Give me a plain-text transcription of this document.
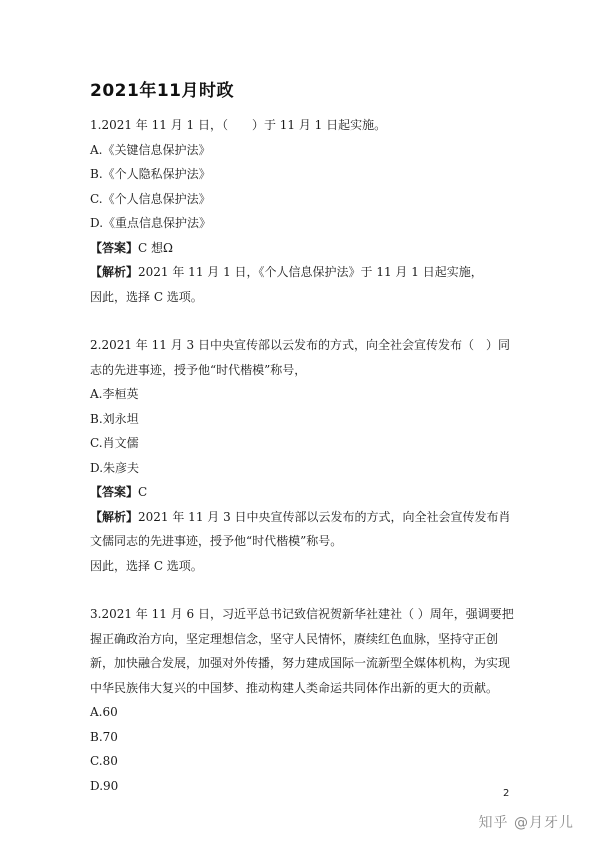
2021年11月时政

1.2021 年 11 月 1 日，（　　）于 11 月 1 日起实施。

A.《关键信息保护法》

B.《个人隐私保护法》

C.《个人信息保护法》

D.《重点信息保护法》

【答案】C 想Ω

【解析】2021 年 11 月 1 日，《个人信息保护法》于 11 月 1 日起实施，

因此，选择 C 选项。

2.2021 年 11 月 3 日中央宣传部以云发布的方式，向全社会宣传发布（　）同志的先进事迹，授予他“时代楷模”称号，

A.李桓英

B.刘永坦

C.肖文儒

D.朱彦夫

【答案】C

【解析】2021 年 11 月 3 日中央宣传部以云发布的方式，向全社会宣传发布肖文儒同志的先进事迹，授予他“时代楷模”称号。

因此，选择 C 选项。

3.2021 年 11 月 6 日，习近平总书记致信祝贺新华社建社（ ）周年，强调要把握正确政治方向，坚定理想信念，坚守人民情怀，赓续红色血脉，坚持守正创新，加快融合发展，加强对外传播，努力建成国际一流新型全媒体机构，为实现中华民族伟大复兴的中国梦、推动构建人类命运共同体作出新的更大的贡献。

A.60

B.70

C.80

D.90

2
知乎 @月牙儿
